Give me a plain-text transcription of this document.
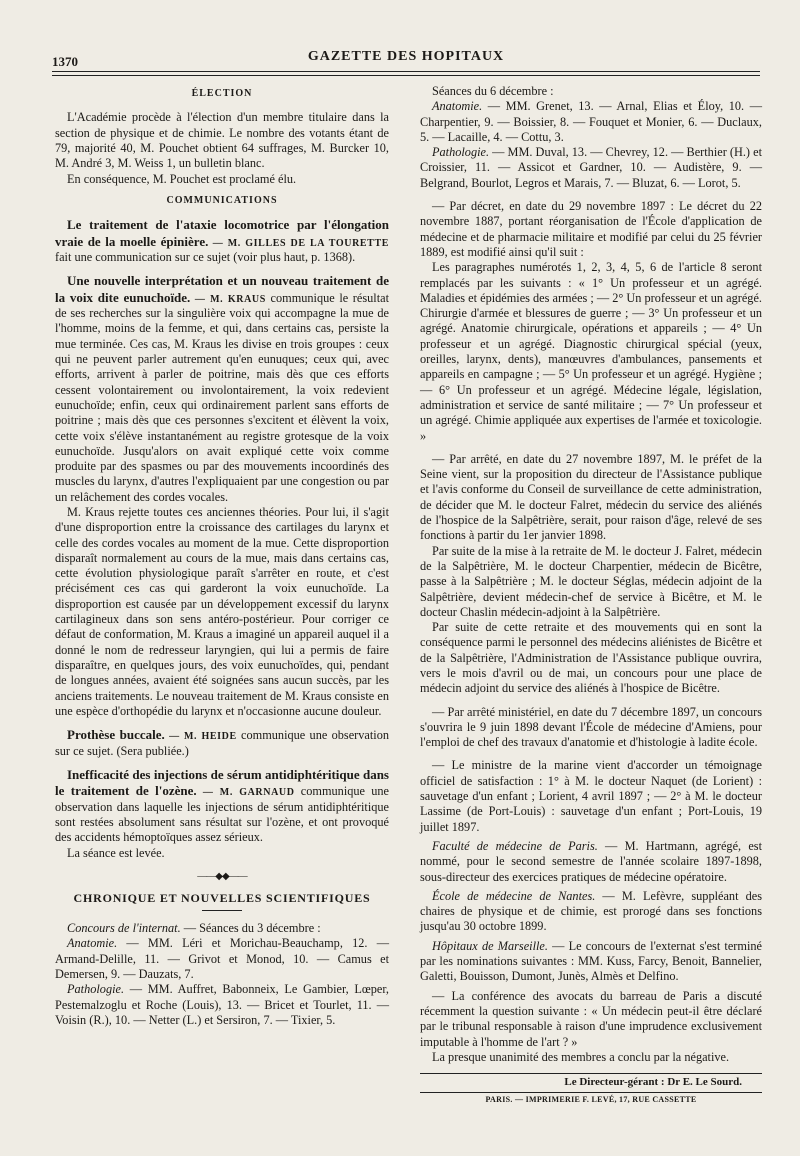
1370	GAZETTE DES HOPITAUX
ÉLECTION

L'Académie procède à l'élection d'un membre titulaire dans la section de physique et de chimie. Le nombre des votants étant de 79, majorité 40, M. Pouchet obtient 64 suffrages, M. Burcker 10, M. André 3, M. Weiss 1, un bulletin blanc.

En conséquence, M. Pouchet est proclamé élu.

COMMUNICATIONS

Le traitement de l'ataxie locomotrice par l'élongation vraie de la moelle épinière. — M. GILLES DE LA TOURETTE fait une communication sur ce sujet (voir plus haut, p. 1368).

Une nouvelle interprétation et un nouveau traitement de la voix dite eunuchoïde. — M. KRAUS communique le résultat de ses recherches sur la singulière voix qui accompagne la mue de l'homme, moins de la femme, et qui, dans certains cas, persiste la mue terminée. Ces cas, M. Kraus les divise en trois groupes : ceux qui ne peuvent parler autrement qu'en eunuques; ceux qui, avec efforts, arrivent à parler de poitrine, mais dès que ces efforts cessent volontairement ou involontairement, la voix redevient eunuchoïde; enfin, ceux qui ordinairement parlent sans efforts de poitrine ; mais dès que ces personnes s'excitent et élèvent la voix, cette voix s'élève instantanément au registre grotesque de la voix eunuchoïde. Jusqu'alors on avait expliqué cette voix comme produite par des spasmes ou par des mouvements incoordinés des muscles du larynx, d'autres l'expliquaient par une congestion ou par un relâchement des cordes vocales.

M. Kraus rejette toutes ces anciennes théories. Pour lui, il s'agit d'une disproportion entre la croissance des cartilages du larynx et celle des cordes vocales au moment de la mue. Cette disproportion disparaît normalement au cours de la mue, mais dans certains cas, cette évolution physiologique paraît s'arrêter en route, et c'est précisément ces cas qui garderont la voix eunuchoïde. La disproportion est causée par un développement excessif du larynx cartilagineux dans son sens antéro-postérieur. Pour corriger ce défaut de conformation, M. Kraus a imaginé un appareil auquel il a donné le nom de redresseur laryngien, qui lui a permis de faire disparaître, en quelques jours, des voix eunuchoïdes, qui, pendant de longues années, avaient été soignées sans aucun succès, par les anciens traitements. Le nouveau traitement de M. Kraus consiste en une espèce d'orthopédie du larynx et n'occasionne aucune douleur.

Prothèse buccale. — M. HEIDE communique une observation sur ce sujet. (Sera publiée.)

Inefficacité des injections de sérum antidiphtéritique dans le traitement de l'ozène. — M. GARNAUD communique une observation dans laquelle les injections de sérum antidiphtéritique sont restées absolument sans résultat sur l'ozène, et ont provoqué des accidents hémoptoïques assez sérieux.

La séance est levée.

——◆◆——
CHRONIQUE ET NOUVELLES SCIENTIFIQUES

Concours de l'internat. — Séances du 3 décembre :

Anatomie. — MM. Léri et Morichau-Beauchamp, 12. — Armand-Delille, 11. — Grivot et Monod, 10. — Camus et Demersen, 9. — Dauzats, 7.

Pathologie. — MM. Auffret, Babonneix, Le Gambier, Lœper, Pestemalzoglu et Roche (Louis), 13. — Bricet et Tourlet, 11. — Voisin (R.), 10. — Netter (L.) et Sersiron, 7. — Tixier, 5.

Séances du 6 décembre :

Anatomie. — MM. Grenet, 13. — Arnal, Elias et Éloy, 10. — Charpentier, 9. — Boissier, 8. — Fouquet et Monier, 6. — Duclaux, 5. — Lacaille, 4. — Cottu, 3.

Pathologie. — MM. Duval, 13. — Chevrey, 12. — Berthier (H.) et Croissier, 11. — Assicot et Gardner, 10. — Audistère, 9. — Belgrand, Bourlot, Legros et Marais, 7. — Bluzat, 6. — Lorot, 5.

— Par décret, en date du 29 novembre 1897 : Le décret du 22 novembre 1887, portant réorganisation de l'École d'application de médecine et de pharmacie militaire et modifié par celui du 25 février 1889, est modifié ainsi qu'il suit :

Les paragraphes numérotés 1, 2, 3, 4, 5, 6 de l'article 8 seront remplacés par les suivants : « 1° Un professeur et un agrégé. Maladies et épidémies des armées ; — 2° Un professeur et un agrégé. Chirurgie d'armée et blessures de guerre ; — 3° Un professeur et un agrégé. Anatomie chirurgicale, opérations et appareils ; — 4° Un professeur et un agrégé. Diagnostic chirurgical spécial (yeux, oreilles, larynx, dents), manœuvres d'ambulances, pansements et appareils en campagne ; — 5° Un professeur et un agrégé. Hygiène ; — 6° Un professeur et un agrégé. Médecine légale, législation, administration et service de santé militaire ; — 7° Un professeur et un agrégé. Chimie appliquée aux expertises de l'armée et toxicologie. »

— Par arrêté, en date du 27 novembre 1897, M. le préfet de la Seine vient, sur la proposition du directeur de l'Assistance publique et l'avis conforme du Conseil de surveillance de cette administration, de décider que M. le docteur Falret, médecin du service des aliénés de l'hospice de la Salpêtrière, serait, pour raison d'âge, relevé de ses fonctions à partir du 1er janvier 1898.

Par suite de la mise à la retraite de M. le docteur J. Falret, médecin de la Salpêtrière, M. le docteur Charpentier, médecin de Bicêtre, passe à la Salpêtrière ; M. le docteur Séglas, médecin adjoint de la Salpêtrière, devient médecin-chef de service à Bicêtre, et M. le docteur Chaslin médecin-adjoint à la Salpêtrière.

Par suite de cette retraite et des mouvements qui en sont la conséquence parmi le personnel des médecins aliénistes de Bicêtre et de la Salpêtrière, l'Administration de l'Assistance publique ouvrira, vers le mois d'avril ou de mai, un concours pour une place de médecin adjoint du service des aliénés à l'hospice de Bicêtre.

— Par arrêté ministériel, en date du 7 décembre 1897, un concours s'ouvrira le 9 juin 1898 devant l'École de médecine d'Amiens, pour l'emploi de chef des travaux d'anatomie et d'histologie à ladite école.

— Le ministre de la marine vient d'accorder un témoignage officiel de satisfaction : 1° à M. le docteur Naquet (de Lorient) : sauvetage d'un enfant ; Lorient, 4 avril 1897 ; — 2° à M. le docteur Lassime (de Port-Louis) : sauvetage d'un enfant ; Port-Louis, 19 juillet 1897.

Faculté de médecine de Paris. — M. Hartmann, agrégé, est nommé, pour le second semestre de l'année scolaire 1897-1898, sous-directeur des exercices pratiques de médecine opératoire.

École de médecine de Nantes. — M. Lefèvre, suppléant des chaires de physique et de chimie, est prorogé dans ses fonctions jusqu'au 30 octobre 1899.

Hôpitaux de Marseille. — Le concours de l'externat s'est terminé par les nominations suivantes : MM. Kuss, Farcy, Benoit, Bannelier, Galetti, Bouisson, Dumont, Junès, Almès et Delfino.

— La conférence des avocats du barreau de Paris a discuté récemment la question suivante : « Un médecin peut-il être déclaré par le tribunal responsable à raison d'une imprudence exclusivement imputable à l'homme de l'art ? »

La presque unanimité des membres a conclu par la négative.

Le Directeur-gérant : Dr E. Le Sourd.
PARIS. — IMPRIMERIE F. LEVÉ, 17, RUE CASSETTE
